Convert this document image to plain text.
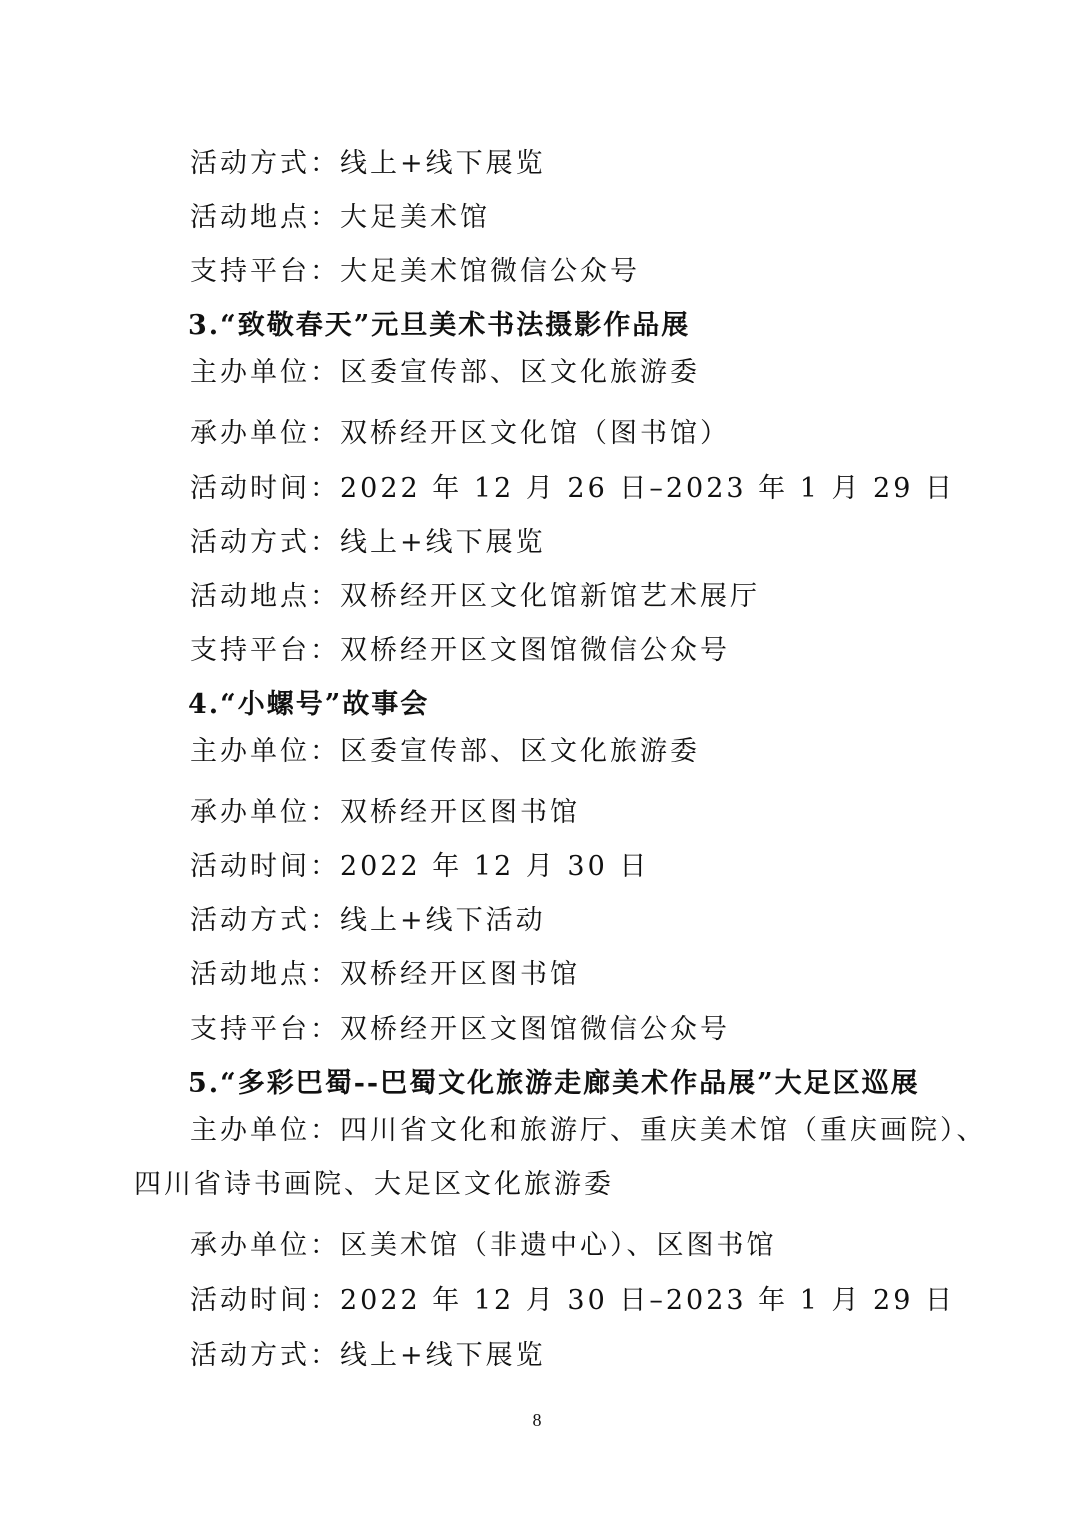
活动方式：线上+线下展览
活动地点：大足美术馆
支持平台：大足美术馆微信公众号
3.“致敬春天”元旦美术书法摄影作品展
主办单位：区委宣传部、区文化旅游委
承办单位：双桥经开区文化馆（图书馆）
活动时间：2022 年 12 月 26 日–2023 年 1 月 29 日
活动方式：线上+线下展览
活动地点：双桥经开区文化馆新馆艺术展厅
支持平台：双桥经开区文图馆微信公众号
4.“小螺号”故事会
主办单位：区委宣传部、区文化旅游委
承办单位：双桥经开区图书馆
活动时间：2022 年 12 月 30 日
活动方式：线上+线下活动
活动地点：双桥经开区图书馆
支持平台：双桥经开区文图馆微信公众号
5.“多彩巴蜀--巴蜀文化旅游走廊美术作品展”大足区巡展
主办单位：四川省文化和旅游厅、重庆美术馆（重庆画院）、
四川省诗书画院、大足区文化旅游委
承办单位：区美术馆（非遗中心）、区图书馆
活动时间：2022 年 12 月 30 日–2023 年 1 月 29 日
活动方式：线上+线下展览
8
